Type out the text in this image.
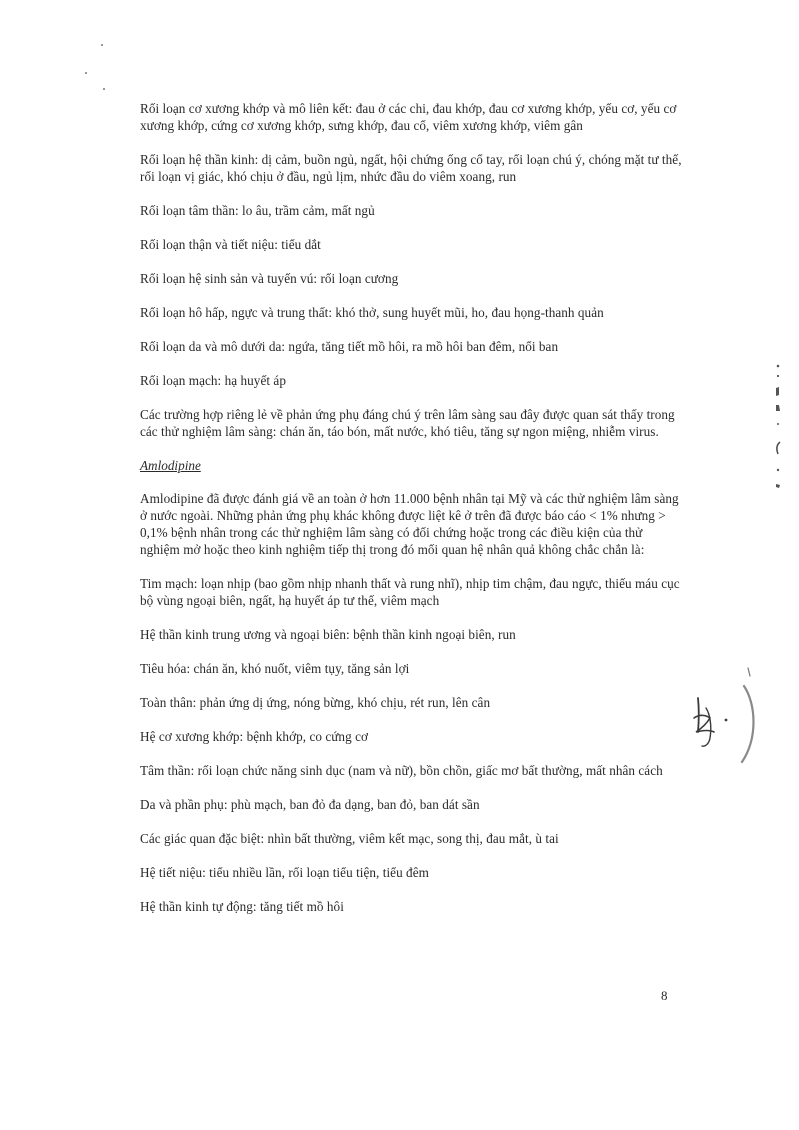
Rối loạn cơ xương khớp và mô liên kết: đau ở các chi, đau khớp, đau cơ xương khớp, yếu cơ, yếu cơ xương khớp, cứng cơ xương khớp, sưng khớp, đau cổ, viêm xương khớp, viêm gân

Rối loạn hệ thần kinh: dị cảm, buồn ngủ, ngất, hội chứng ống cổ tay, rối loạn chú ý, chóng mặt tư thế, rối loạn vị giác, khó chịu ở đầu, ngủ lịm, nhức đầu do viêm xoang, run

Rối loạn tâm thần: lo âu, trầm cảm, mất ngủ

Rối loạn thận và tiết niệu: tiểu dắt

Rối loạn hệ sinh sản và tuyến vú: rối loạn cương

Rối loạn hô hấp, ngực và trung thất: khó thở, sung huyết mũi, ho, đau họng-thanh quản

Rối loạn da và mô dưới da: ngứa, tăng tiết mồ hôi, ra mồ hôi ban đêm, nổi ban

Rối loạn mạch: hạ huyết áp

Các trường hợp riêng lẻ về phản ứng phụ đáng chú ý trên lâm sàng sau đây được quan sát thấy trong các thử nghiệm lâm sàng: chán ăn, táo bón, mất nước, khó tiêu, tăng sự ngon miệng, nhiễm virus.

Amlodipine

Amlodipine đã được đánh giá về an toàn ở hơn 11.000 bệnh nhân tại Mỹ và các thử nghiệm lâm sàng ở nước ngoài. Những phản ứng phụ khác không được liệt kê ở trên đã được báo cáo < 1% nhưng > 0,1% bệnh nhân trong các thử nghiệm lâm sàng có đối chứng hoặc trong các điều kiện của thử nghiệm mở hoặc theo kinh nghiệm tiếp thị trong đó mối quan hệ nhân quả không chắc chắn là:

Tim mạch: loạn nhịp (bao gồm nhịp nhanh thất và rung nhĩ), nhịp tim chậm, đau ngực, thiếu máu cục bộ vùng ngoại biên, ngất, hạ huyết áp tư thế, viêm mạch

Hệ thần kinh trung ương và ngoại biên: bệnh thần kinh ngoại biên, run

Tiêu hóa: chán ăn, khó nuốt, viêm tụy, tăng sản lợi

Toàn thân: phản ứng dị ứng, nóng bừng, khó chịu, rét run, lên cân

Hệ cơ xương khớp: bệnh khớp, co cứng cơ

Tâm thần: rối loạn chức năng sinh dục (nam và nữ), bồn chồn, giấc mơ bất thường, mất nhân cách

Da và phần phụ: phù mạch, ban đỏ đa dạng, ban đỏ, ban dát sần

Các giác quan đặc biệt: nhìn bất thường, viêm kết mạc, song thị, đau mắt, ù tai

Hệ tiết niệu: tiểu nhiều lần, rối loạn tiểu tiện, tiểu đêm

Hệ thần kinh tự động: tăng tiết mồ hôi

8
